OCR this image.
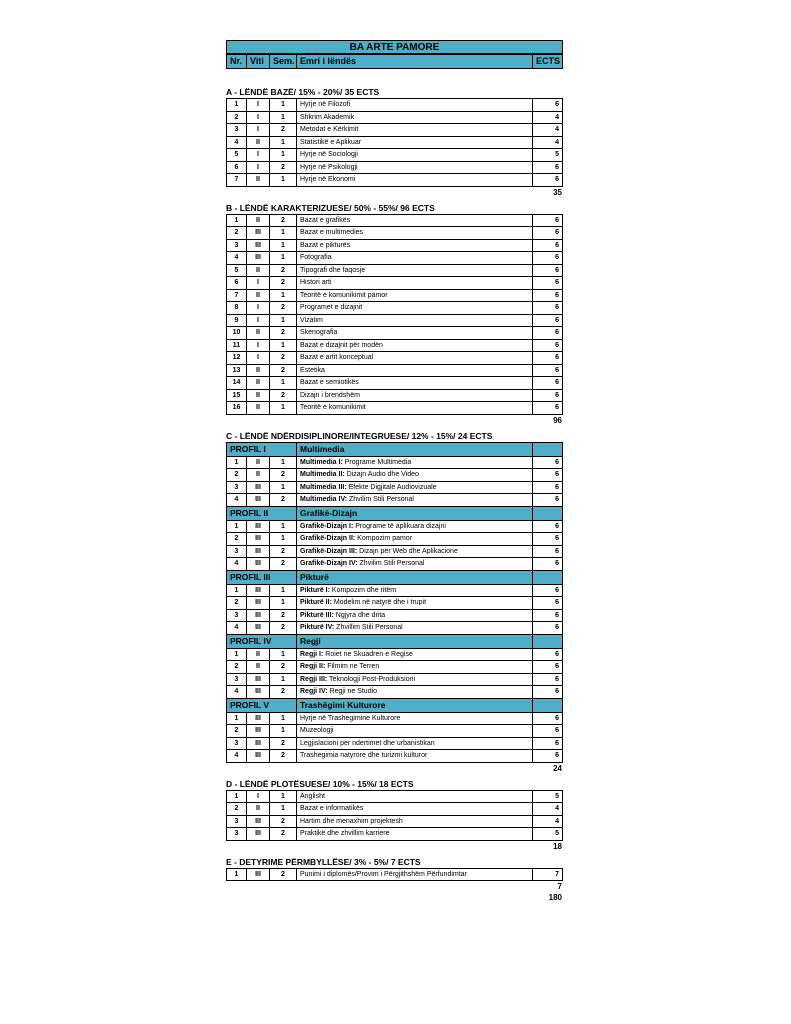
BA ARTE PAMORE
Nr.	Viti	Sem.	Emri i lëndës	ECTS
A - LËNDË BAZË/ 15% - 20%/ 35 ECTS
1	I	1	Hyrje në Filozofi	6
2	I	1	Shkrim Akademik	4
3	I	2	Metodat e Kërkimit	4
4	II	1	Statistikë e Aplikuar	4
5	I	1	Hyrje në Sociologji	5
6	I	2	Hyrje në Psikologji	6
7	II	1	Hyrje në Ekonomi	6
35
B - LËNDË KARAKTERIZUESE/ 50% - 55%/ 96 ECTS
1	II	2	Bazat e grafikës	6
2	III	1	Bazat e multimedies	6
3	III	1	Bazat e pikturës	6
4	III	1	Fotografia	6
5	II	2	Tipografi dhe faqosje	6
6	I	2	Histori arti	6
7	II	1	Teoritë e komunikimit pamor	6
8	I	2	Programet e dizajnit	6
9	I	1	Vizatim	6
10	II	2	Skenografia	6
11	I	1	Bazat e dizajnit për modën	6
12	I	2	Bazat e artit konceptual	6
13	II	2	Estetika	6
14	II	1	Bazat e semiotikës	6
15	II	2	Dizajn i brendshëm	6
16	II	1	Teoritë e komunikimit	6
96
C - LËNDË NDËRDISIPLINORE/INTEGRUESE/ 12% - 15%/ 24 ECTS
PROFIL I			Multimedia	
1	II	1	Multimedia I: Programe Multimedia	6
2	II	2	Multimedia II: Dizajn Audio dhe Video	6
3	III	1	Multimedia III: Efekte Digjitale Audiovizuale	6
4	III	2	Multimedia IV: Zhvilim Stili Personal	6
PROFIL II			Grafikë-Dizajn	
1	III	1	Grafikë-Dizajn I: Programe të aplikuara dizajni	6
2	III	1	Grafikë-Dizajn II: Kompozim pamor	6
3	III	2	Grafikë-Dizajn III: Dizajn për Web dhe Aplikacione	6
4	III	2	Grafikë-Dizajn IV: Zhvilim Stili Personal	6
PROFIL III			Pikturë	
1	III	1	Pikturë I: Kompozim dhe ritëm	6
2	III	1	Pikturë II: Modelim në natyrë dhe i trupit	6
3	III	2	Pikturë III: Ngjyra dhe drita	6
4	III	2	Pikturë IV: Zhvillim Stili Personal	6
PROFIL IV			Regji	
1	II	1	Regji I: Roiet ne Skuadren e Regise	6
2	II	2	Regji II: Filmim ne Terren	6
3	III	1	Regji III: Teknologji Post-Produksioni	6
4	III	2	Regji IV: Regji ne Studio	6
PROFIL V			Trashëgimi Kulturore	
1	III	1	Hyrje në Trashegimine Kulturore	6
2	III	1	Muzeologji	6
3	III	2	Legjislacioni per ndertimet dhe urbanistikan	6
4	III	2	Trashegimia natyrore dhe turizmi kulturor	6
24
D - LËNDË PLOTËSUESE/ 10% - 15%/ 18 ECTS
1	I	1	Anglisht	5
2	II	1	Bazat e informatikës	4
3	III	2	Hartim dhe menaxhim projektesh	4
3	III	2	Praktikë dhe zhvillim karriere	5
18
E - DETYRIME PËRMBYLLËSE/ 3% - 5%/ 7 ECTS
1	III	2	Punimi i diplomës/Provim i Përgjithshëm Përfundimtar	7
7
180
